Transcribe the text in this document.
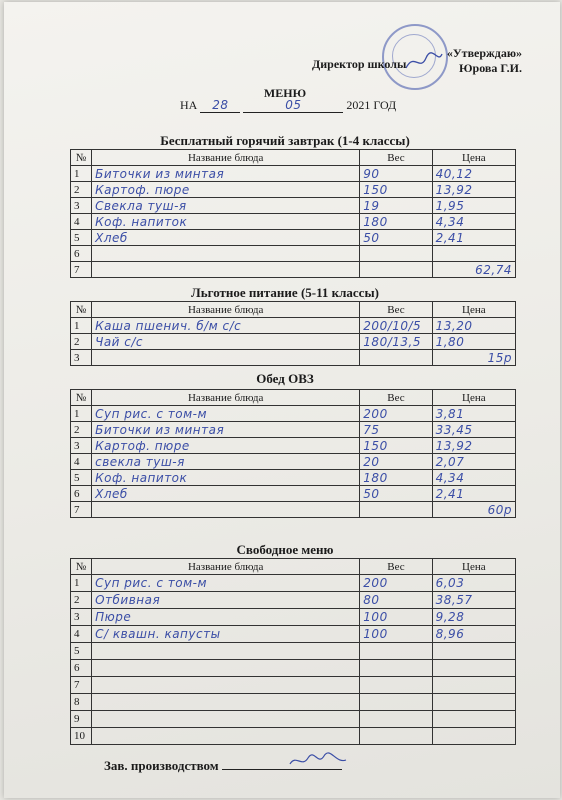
«Утверждаю»
Юрова Г.И.
Директор школы
МЕНЮ
НА 28	05	2021 ГОД
Бесплатный горячий завтрак (1-4 классы)
№	Название блюда	Вес	Цена
1	Биточки из минтая	90	40,12
2	Картоф. пюре	150	13,92
3	Свекла туш-я	19	1,95
4	Коф. напиток	180	4,34
5	Хлеб	50	2,41
6			
7			62,74
Льготное питание (5-11 классы)
№	Название блюда	Вес	Цена
1	Каша пшенич. б/м с/с	200/10/5	13,20
2	Чай с/с	180/13,5	1,80
3			15р
Обед ОВЗ
№	Название блюда	Вес	Цена
1	Суп рис. с том-м	200	3,81
2	Биточки из минтая	75	33,45
3	Картоф. пюре	150	13,92
4	свекла туш-я	20	2,07
5	Коф. напиток	180	4,34
6	Хлеб	50	2,41
7			60р
Свободное меню
№	Название блюда	Вес	Цена
1	Суп рис. с том-м	200	6,03
2	Отбивная	80	38,57
3	Пюре	100	9,28
4	С/ квашн. капусты	100	8,96
5			
6			
7			
8			
9			
10			
Зав. производством
